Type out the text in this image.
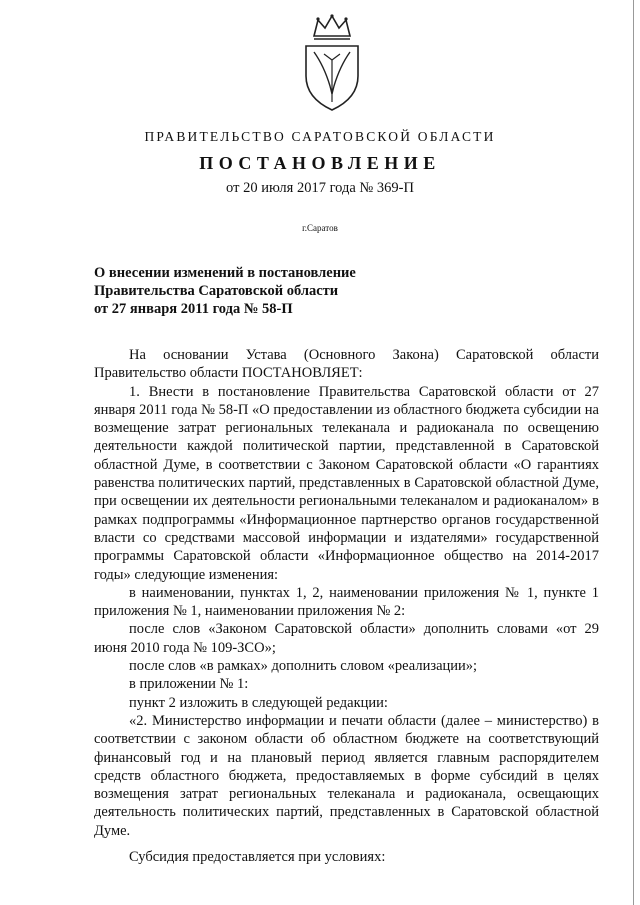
ПРАВИТЕЛЬСТВО САРАТОВСКОЙ ОБЛАСТИ
ПОСТАНОВЛЕНИЕ
от 20 июля 2017 года № 369-П
г.Саратов
О внесении изменений в постановление
Правительства Саратовской области
от 27 января 2011 года № 58-П

На основании Устава (Основного Закона) Саратовской области Правительство области ПОСТАНОВЛЯЕТ:

1. Внести в постановление Правительства Саратовской области от 27 января 2011 года № 58-П «О предоставлении из областного бюджета субсидии на возмещение затрат региональных телеканала и радиоканала по освещению деятельности каждой политической партии, представленной в Саратовской областной Думе, в соответствии с Законом Саратовской области «О гарантиях равенства политических партий, представленных в Саратовской областной Думе, при освещении их деятельности региональными телеканалом и радиоканалом» в рамках подпрограммы «Информационное партнерство органов государственной власти со средствами массовой информации и издателями» государственной программы Саратовской области «Информационное общество на 2014-2017 годы» следующие изменения:

в наименовании, пунктах 1, 2, наименовании приложения № 1, пункте 1 приложения № 1, наименовании приложения № 2:

после слов «Законом Саратовской области» дополнить словами «от 29 июня 2010 года № 109-ЗСО»;

после слов «в рамках» дополнить словом «реализации»;

в приложении № 1:

пункт 2 изложить в следующей редакции:

«2. Министерство информации и печати области (далее – министерство) в соответствии с законом области об областном бюджете на соответствующий финансовый год и на плановый период является главным распорядителем средств областного бюджета, предоставляемых в форме субсидий в целях возмещения затрат региональных телеканала и радиоканала, освещающих деятельность политических партий, представленных в Саратовской областной Думе.

Субсидия предоставляется при условиях:
